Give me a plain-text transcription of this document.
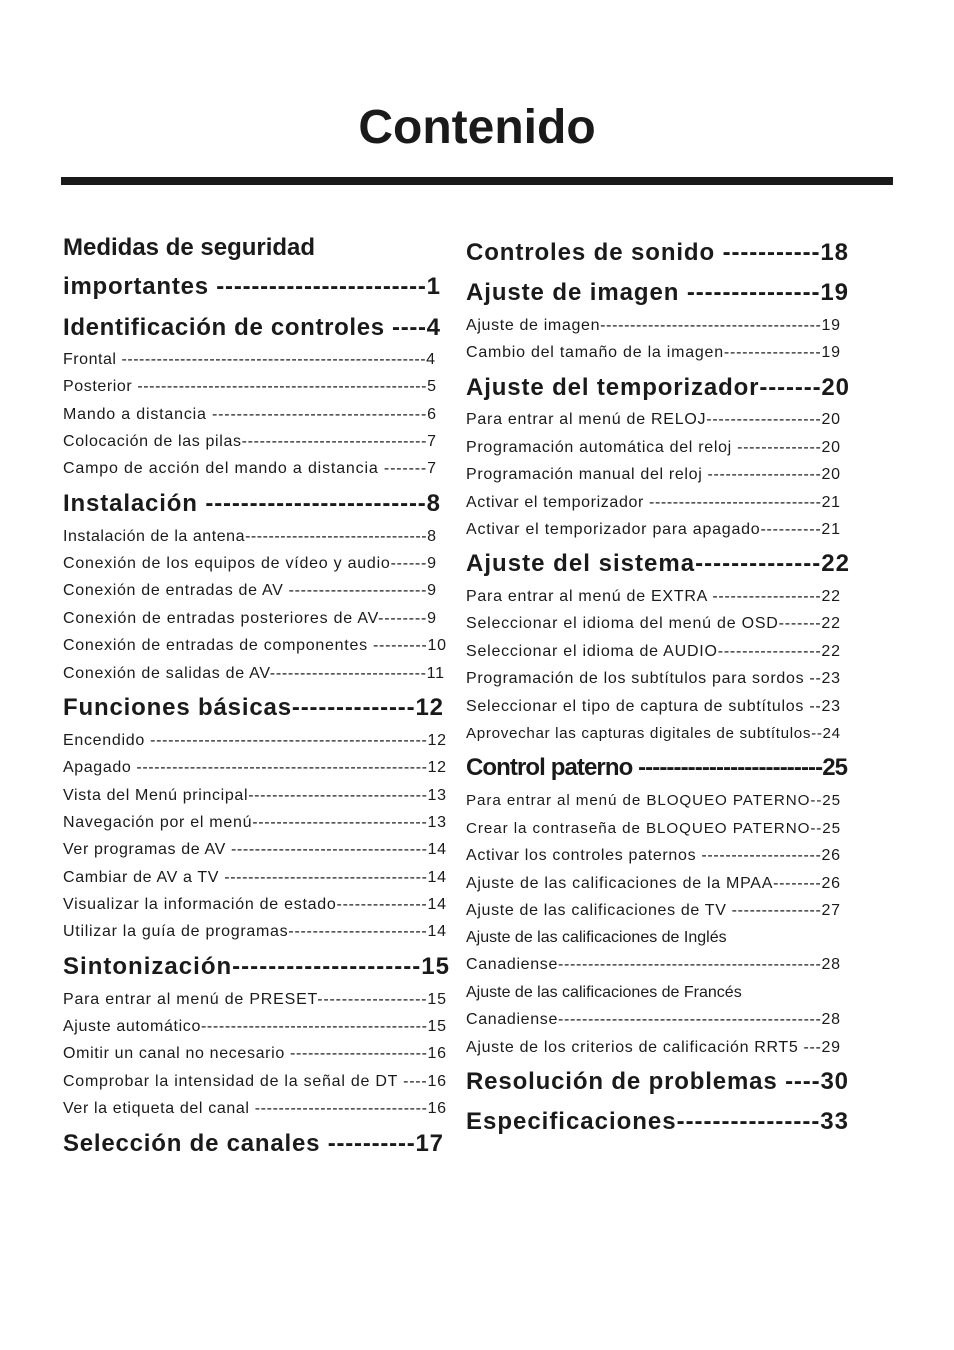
Contenido
Medidas de seguridad
importantes ------------------------1
Identificación de controles ----4
Frontal ----------------------------------------------------4
Posterior -------------------------------------------------5
Mando a distancia -----------------------------------6
Colocación de las pilas-------------------------------7
Campo de acción del mando a distancia -------7
Instalación -------------------------8
Instalación de la antena-------------------------------8
Conexión de los equipos de vídeo y audio------9
Conexión de entradas de AV -----------------------9
Conexión de entradas posteriores de AV--------9
Conexión de entradas de componentes ---------10
Conexión de salidas de AV--------------------------11
Funciones básicas--------------12
Encendido ----------------------------------------------12
Apagado -------------------------------------------------12
Vista del Menú principal------------------------------13
Navegación por el menú-----------------------------13
Ver programas de AV ---------------------------------14
Cambiar de AV a TV ----------------------------------14
Visualizar la información de estado---------------14
Utilizar la guía de programas-----------------------14
Sintonización---------------------15
Para entrar al menú de PRESET------------------15
Ajuste automático--------------------------------------15
Omitir un canal no necesario -----------------------16
Comprobar la intensidad de la señal de DT ----16
Ver la etiqueta del canal -----------------------------16
Selección de canales ----------17
Controles de sonido -----------18
Ajuste de imagen ---------------19
Ajuste de imagen-------------------------------------19
Cambio del tamaño de la imagen----------------19
Ajuste del temporizador-------20
Para entrar al menú de RELOJ-------------------20
Programación automática del reloj --------------20
Programación manual del reloj -------------------20
Activar el temporizador -----------------------------21
Activar el temporizador para apagado----------21
Ajuste del sistema--------------22
Para entrar al menú de EXTRA ------------------22
Seleccionar el idioma del menú de OSD-------22
Seleccionar el idioma de AUDIO-----------------22
Programación de los subtítulos para sordos --23
Seleccionar el tipo de captura de subtítulos --23
Aprovechar las capturas digitales de subtítulos--24
Control paterno --------------------------25
Para entrar al menú de BLOQUEO PATERNO--25
Crear la contraseña de BLOQUEO PATERNO--25
Activar los controles paternos --------------------26
Ajuste de las calificaciones de la MPAA--------26
Ajuste de las calificaciones de TV ---------------27
Ajuste de las calificaciones de Inglés
Canadiense--------------------------------------------28
Ajuste de las calificaciones de Francés
Canadiense--------------------------------------------28
Ajuste de los criterios de calificación RRT5 ---29
Resolución de problemas ----30
Especificaciones----------------33
